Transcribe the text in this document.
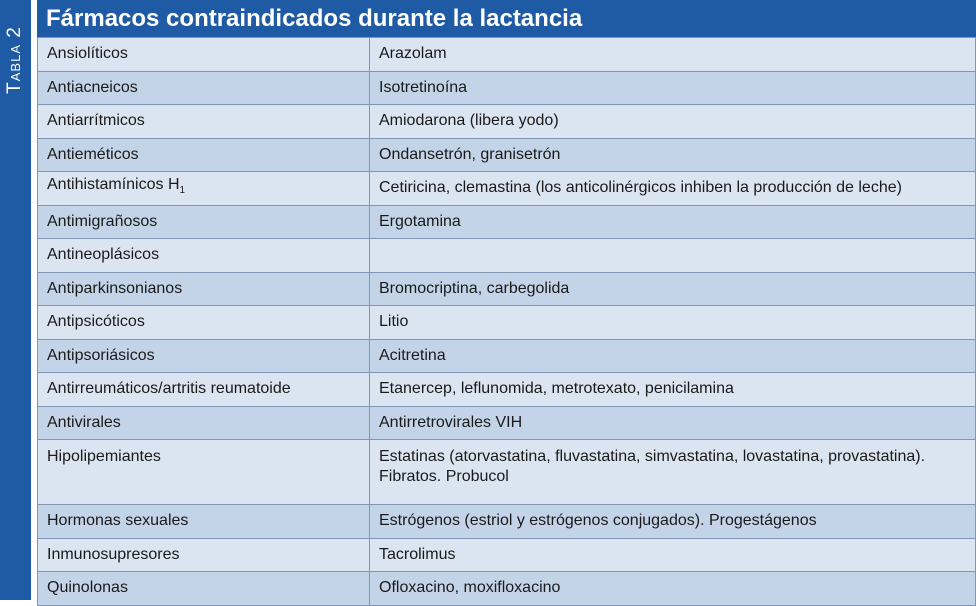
Tabla 2
Fármacos contraindicados durante la lactancia
Ansiolíticos	Arazolam
Antiacneicos	Isotretinoína
Antiarrítmicos	Amiodarona (libera yodo)
Antieméticos	Ondansetrón, granisetrón
Antihistamínicos $H_1$	Cetiricina, clemastina (los anticolinérgicos inhiben la producción de leche)
Antimigrañosos	Ergotamina
Antineoplásicos	
Antiparkinsonianos	Bromocriptina, carbegolida
Antipsicóticos	Litio
Antipsoriásicos	Acitretina
Antirreumáticos/artritis reumatoide	Etanercep, leflunomida, metrotexato, penicilamina
Antivirales	Antirretrovirales VIH
Hipolipemiantes	Estatinas (atorvastatina, fluvastatina, simvastatina, lovastatina, provastatina). Fibratos. Probucol
Hormonas sexuales	Estrógenos (estriol y estrógenos conjugados). Progestágenos
Inmunosupresores	Tacrolimus
Quinolonas	Ofloxacino, moxifloxacino
